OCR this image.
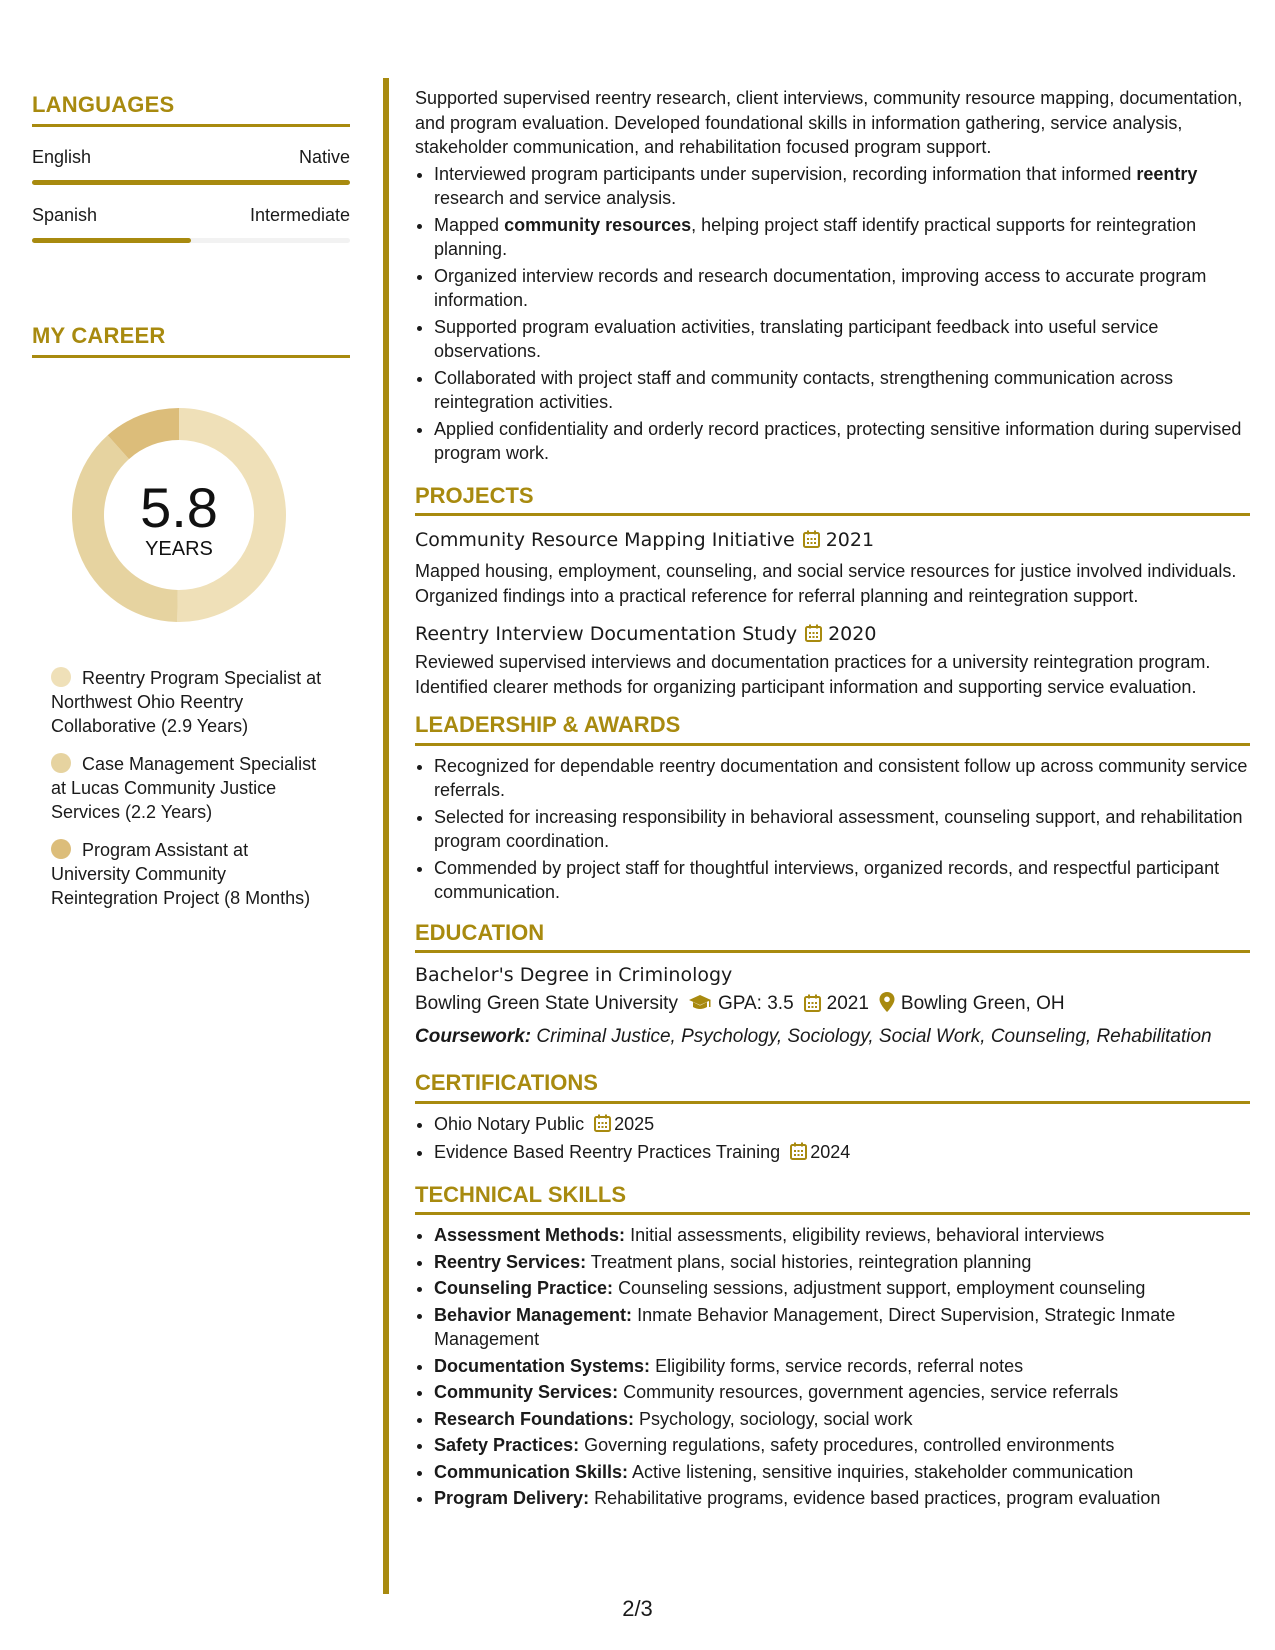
LANGUAGES
English	Native
Spanish	Intermediate
MY CAREER
5.8
YEARS
Reentry Program Specialist at Northwest Ohio Reentry Collaborative (2.9 Years)
Case Management Specialist at Lucas Community Justice Services (2.2 Years)
Program Assistant at University Community Reintegration Project (8 Months)

Supported supervised reentry research, client interviews, community resource mapping, documentation, and program evaluation. Developed foundational skills in information gathering, service analysis, stakeholder communication, and rehabilitation focused program support.

• Interviewed program participants under supervision, recording information that informed reentry research and service analysis.
• Mapped community resources, helping project staff identify practical supports for reintegration planning.
• Organized interview records and research documentation, improving access to accurate program information.
• Supported program evaluation activities, translating participant feedback into useful service observations.
• Collaborated with project staff and community contacts, strengthening communication across reintegration activities.
• Applied confidentiality and orderly record practices, protecting sensitive information during supervised program work.
PROJECTS
Community Resource Mapping Initiative 2021

Mapped housing, employment, counseling, and social service resources for justice involved individuals. Organized findings into a practical reference for referral planning and reintegration support.

Reentry Interview Documentation Study 2020

Reviewed supervised interviews and documentation practices for a university reintegration program. Identified clearer methods for organizing participant information and supporting service evaluation.

LEADERSHIP & AWARDS
• Recognized for dependable reentry documentation and consistent follow up across community service referrals.
• Selected for increasing responsibility in behavioral assessment, counseling support, and rehabilitation program coordination.
• Commended by project staff for thoughtful interviews, organized records, and respectful participant communication.
EDUCATION
Bachelor's Degree in Criminology
Bowling Green State University GPA: 3.5 2021 Bowling Green, OH
Coursework: Criminal Justice, Psychology, Sociology, Social Work, Counseling, Rehabilitation
CERTIFICATIONS
• Ohio Notary Public 2025
• Evidence Based Reentry Practices Training 2024
TECHNICAL SKILLS
• Assessment Methods: Initial assessments, eligibility reviews, behavioral interviews
• Reentry Services: Treatment plans, social histories, reintegration planning
• Counseling Practice: Counseling sessions, adjustment support, employment counseling
• Behavior Management: Inmate Behavior Management, Direct Supervision, Strategic Inmate Management
• Documentation Systems: Eligibility forms, service records, referral notes
• Community Services: Community resources, government agencies, service referrals
• Research Foundations: Psychology, sociology, social work
• Safety Practices: Governing regulations, safety procedures, controlled environments
• Communication Skills: Active listening, sensitive inquiries, stakeholder communication
• Program Delivery: Rehabilitative programs, evidence based practices, program evaluation
2/3
